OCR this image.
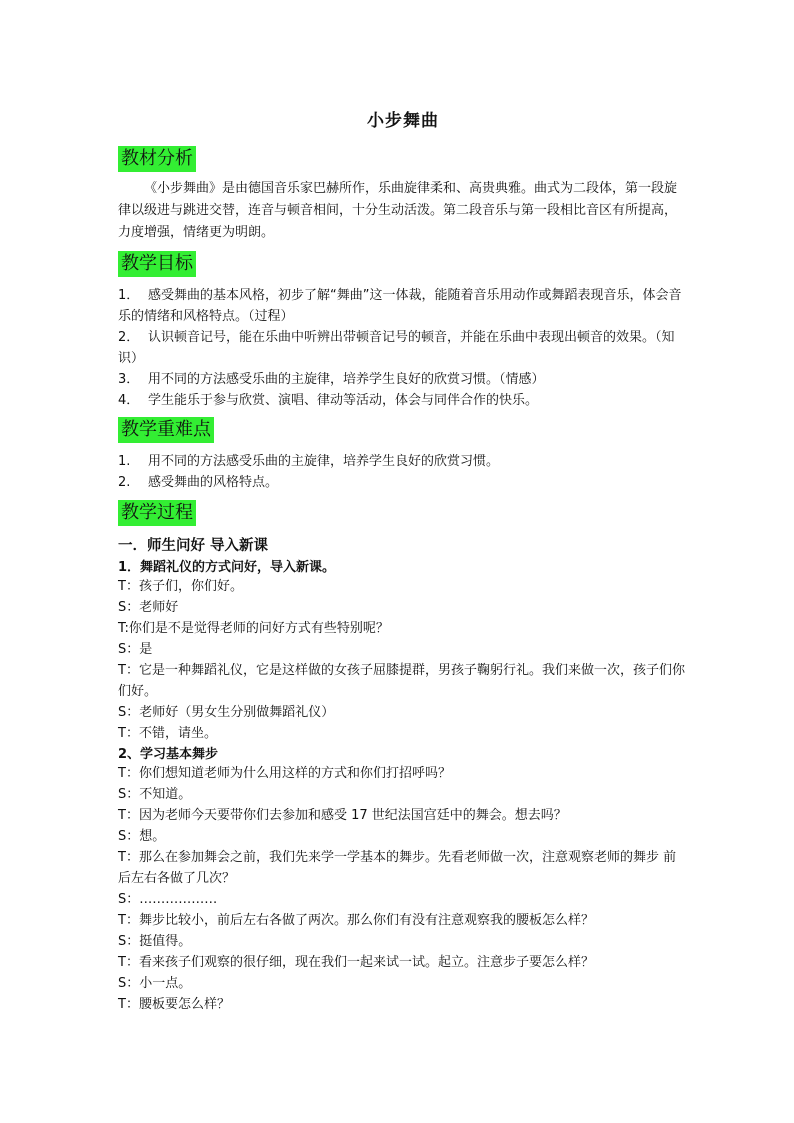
小步舞曲
教材分析
《小步舞曲》是由德国音乐家巴赫所作，乐曲旋律柔和、高贵典雅。曲式为二段体，第一段旋律以级进与跳进交替，连音与顿音相间，十分生动活泼。第二段音乐与第一段相比音区有所提高，力度增强，情绪更为明朗。
教学目标
1． 感受舞曲的基本风格，初步了解“舞曲”这一体裁，能随着音乐用动作或舞蹈表现音乐，体会音乐的情绪和风格特点。（过程）
2． 认识顿音记号，能在乐曲中听辨出带顿音记号的顿音，并能在乐曲中表现出顿音的效果。（知识）
3． 用不同的方法感受乐曲的主旋律，培养学生良好的欣赏习惯。（情感）
4． 学生能乐于参与欣赏、演唱、律动等活动，体会与同伴合作的快乐。
教学重难点
1. 用不同的方法感受乐曲的主旋律，培养学生良好的欣赏习惯。
2. 感受舞曲的风格特点。
教学过程
一．师生问好 导入新课
1．舞蹈礼仪的方式问好，导入新课。
T：孩子们，你们好。
S：老师好
T:你们是不是觉得老师的问好方式有些特别呢？
S：是
T：它是一种舞蹈礼仪，它是这样做的女孩子屈膝提群，男孩子鞠躬行礼。我们来做一次，孩子们你们好。
S：老师好（男女生分别做舞蹈礼仪）
T：不错，请坐。
2、学习基本舞步
T：你们想知道老师为什么用这样的方式和你们打招呼吗？
S：不知道。
T：因为老师今天要带你们去参加和感受 17 世纪法国宫廷中的舞会。想去吗？
S：想。
T：那么在参加舞会之前，我们先来学一学基本的舞步。先看老师做一次，注意观察老师的舞步 前后左右各做了几次？
S：………………
T：舞步比较小，前后左右各做了两次。那么你们有没有注意观察我的腰板怎么样？
S：挺值得。
T：看来孩子们观察的很仔细，现在我们一起来试一试。起立。注意步子要怎么样？
S：小一点。
T：腰板要怎么样？
